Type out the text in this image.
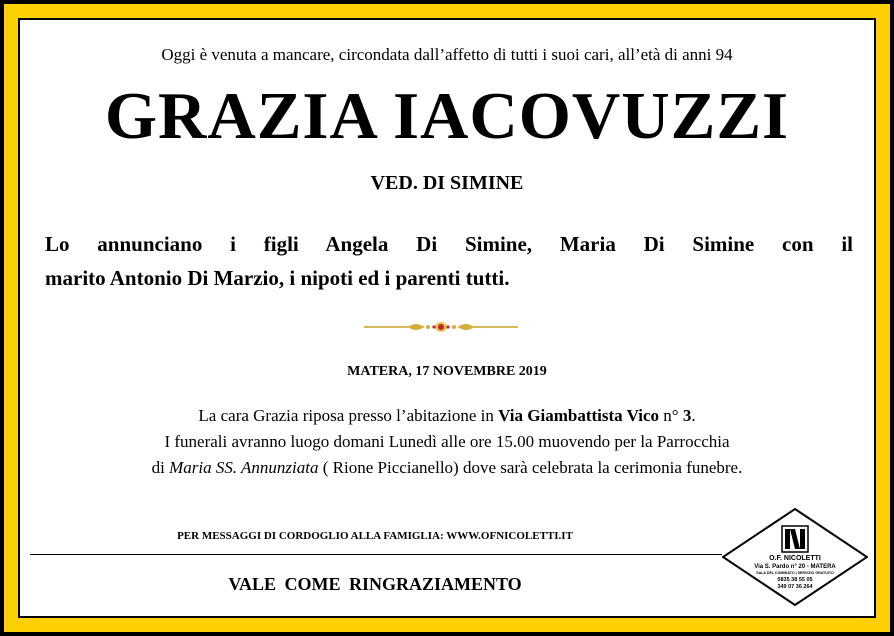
Oggi è venuta a mancare, circondata dall’affetto di tutti i suoi cari, all’età di anni 94
GRAZIA IACOVUZZI
VED. DI SIMINE
Lo annunciano i figli Angela Di Simine, Maria Di Simine con il
marito Antonio Di Marzio, i nipoti ed i parenti tutti.
MATERA, 17 NOVEMBRE 2019
La cara Grazia riposa presso l’abitazione in Via Giambattista Vico n° 3.
I funerali avranno luogo domani Lunedì alle ore 15.00 muovendo per la Parrocchia
di Maria SS. Annunziata ( Rione Piccianello) dove sarà celebrata la cerimonia funebre.
PER MESSAGGI DI CORDOGLIO ALLA FAMIGLIA: WWW.OFNICOLETTI.IT
VALE COME RINGRAZIAMENTO
O.F. NICOLETTI
Via S. Pardo n° 20 - MATERA
SALA DEL COMMIATO | SERVIZIO GRATUITO
0835 38 55 05
349 07 36 264
